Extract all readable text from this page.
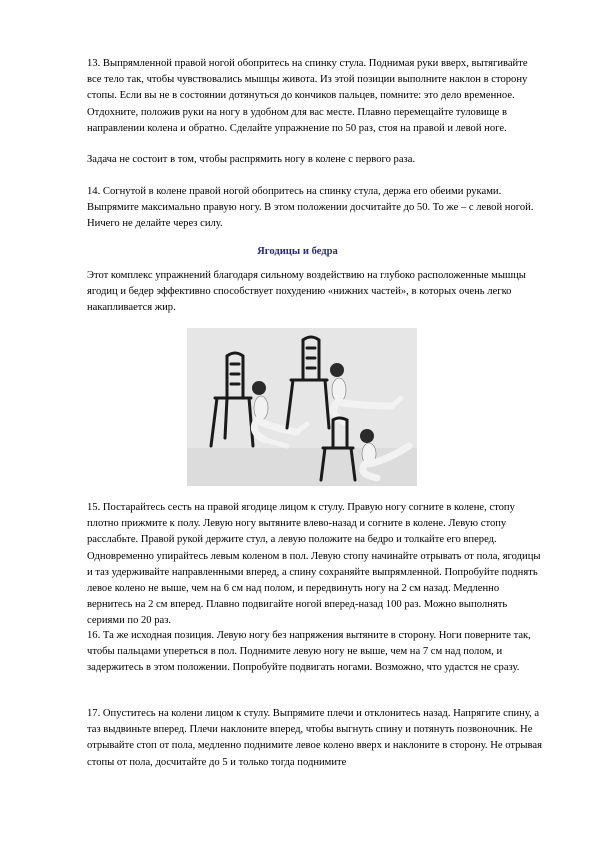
13. Выпрямленной правой ногой обопритесь на спинку стула. Поднимая руки вверх, вытягивайте все тело так, чтобы чувствовались мышцы живота. Из этой позиции выполните наклон в сторону стопы. Если вы не в состоянии дотянуться до кончиков пальцев, помните: это дело временное. Отдохните, положив руки на ногу в удобном для вас месте. Плавно перемещайте туловище в направлении колена и обратно. Сделайте упражнение по 50 раз, стоя на правой и левой ноге.

Задача не состоит в том, чтобы распрямить ногу в колене с первого раза.

14. Согнутой в колене правой ногой обопритесь на спинку стула, держа его обеими руками. Выпрямите максимально правую ногу. В этом положении досчитайте до 50. То же – с левой ногой. Ничего не делайте через силу.

Ягодицы и бедра

Этот комплекс упражнений благодаря сильному воздействию на глубоко расположенные мышцы ягодиц и бедер эффективно способствует похудению «нижних частей», в которых очень легко накапливается жир.

15. Постарайтесь сесть на правой ягодице лицом к стулу. Правую ногу согните в колене, стопу плотно прижмите к полу. Левую ногу вытяните влево-назад и согните в колене. Левую стопу расслабьте. Правой рукой держите стул, а левую положите на бедро и толкайте его вперед. Одновременно упирайтесь левым коленом в пол. Левую стопу начинайте отрывать от пола, ягодицы и таз удерживайте направленными вперед, а спину сохраняйте выпрямленной. Попробуйте поднять левое колено не выше, чем на 6 см над полом, и передвинуть ногу на 2 см назад. Медленно вернитесь на 2 см вперед. Плавно подвигайте ногой вперед-назад 100 раз. Можно выполнять сериями по 20 раз.

16. Та же исходная позиция. Левую ногу без напряжения вытяните в сторону. Ноги поверните так, чтобы пальцами упереться в пол. Поднимите левую ногу не выше, чем на 7 см над полом, и задержитесь в этом положении. Попробуйте подвигать ногами. Возможно, что удастся не сразу.

17. Опуститесь на колени лицом к стулу. Выпрямите плечи и отклонитесь назад. Напрягите спину, а таз выдвиньте вперед. Плечи наклоните вперед, чтобы выгнуть спину и потянуть позвоночник. Не отрывайте стоп от пола, медленно поднимите левое колено вверх и наклоните в сторону. Не отрывая стопы от пола, досчитайте до 5 и только тогда поднимите
